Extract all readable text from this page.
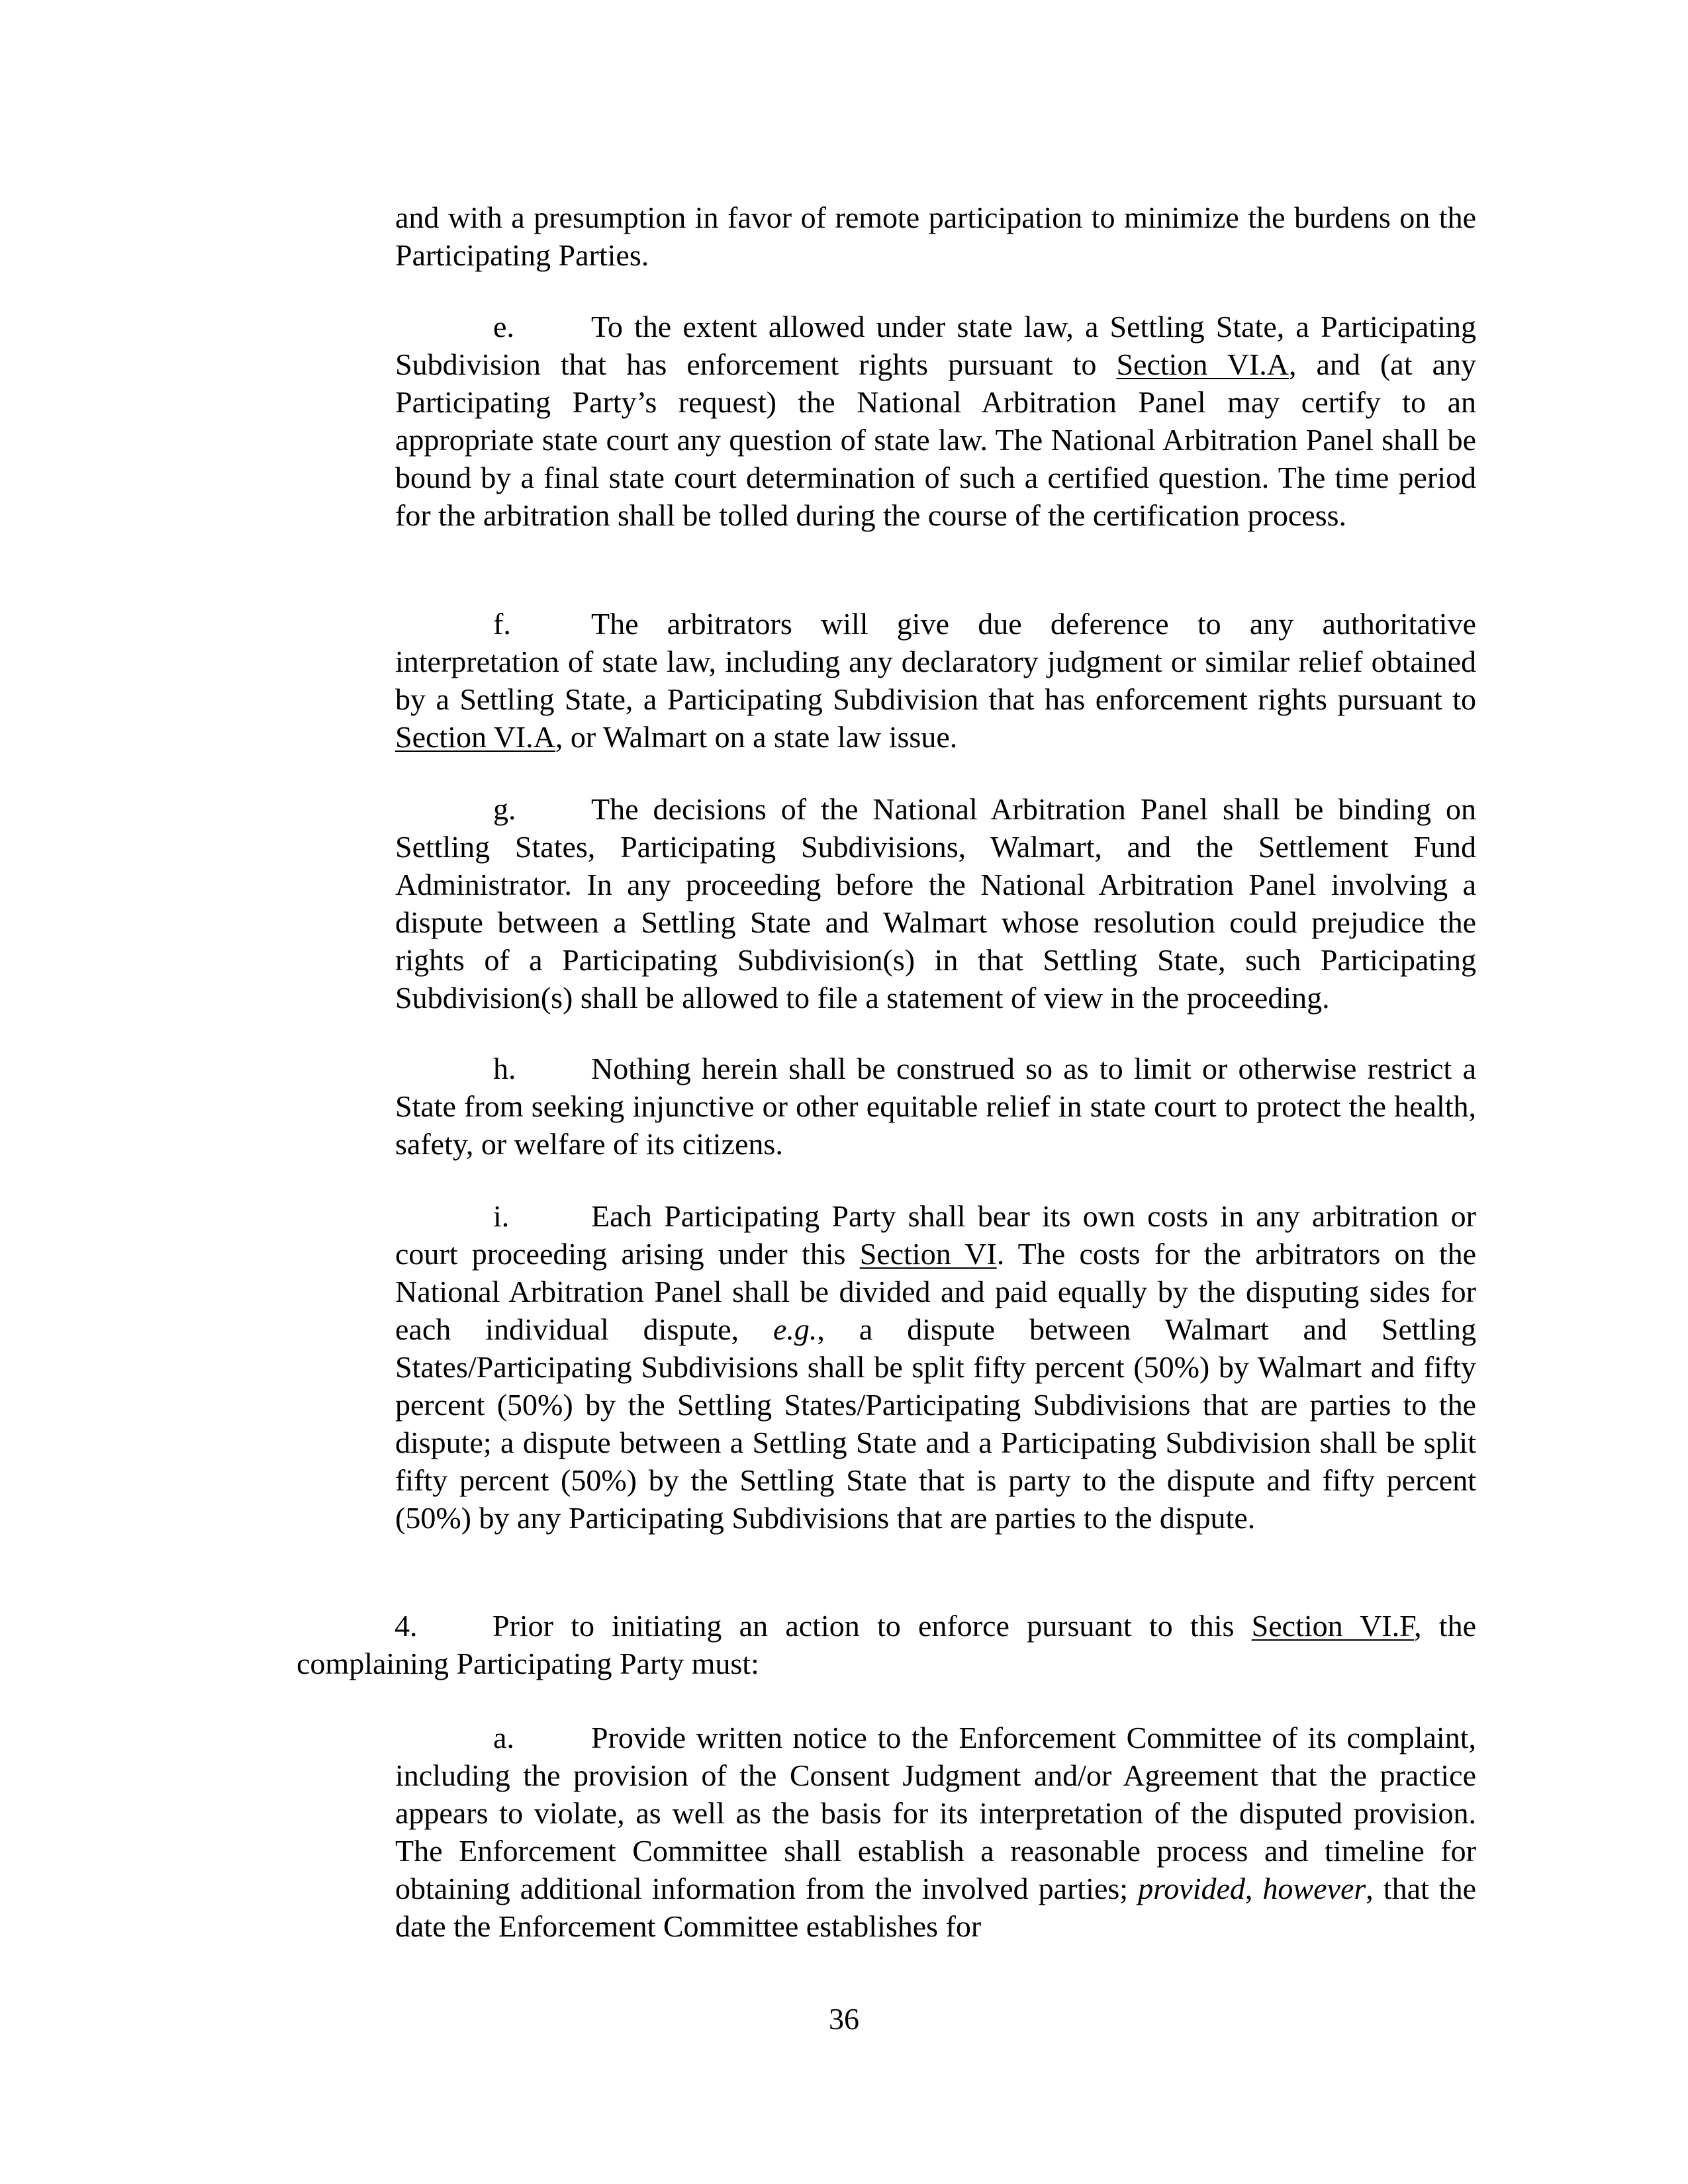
and with a presumption in favor of remote participation to minimize the burdens on the Participating Parties.

e.	To the extent allowed under state law, a Settling State, a Participating Subdivision that has enforcement rights pursuant to Section VI.A, and (at any Participating Party’s request) the National Arbitration Panel may certify to an appropriate state court any question of state law. The National Arbitration Panel shall be bound by a final state court determination of such a certified question. The time period for the arbitration shall be tolled during the course of the certification process.

f.	The arbitrators will give due deference to any authoritative interpretation of state law, including any declaratory judgment or similar relief obtained by a Settling State, a Participating Subdivision that has enforcement rights pursuant to Section VI.A, or Walmart on a state law issue.

g. The decisions of the National Arbitration Panel shall be binding on Settling States, Participating Subdivisions, Walmart, and the Settlement Fund Administrator. In any proceeding before the National Arbitration Panel involving a dispute between a Settling State and Walmart whose resolution could prejudice the rights of a Participating Subdivision(s) in that Settling State, such Participating Subdivision(s) shall be allowed to file a statement of view in the proceeding.

h. Nothing herein shall be construed so as to limit or otherwise restrict a State from seeking injunctive or other equitable relief in state court to protect the health, safety, or welfare of its citizens.

i.	Each Participating Party shall bear its own costs in any arbitration or court proceeding arising under this Section VI. The costs for the arbitrators on the National Arbitration Panel shall be divided and paid equally by the disputing sides for each individual dispute, e.g., a dispute between Walmart and Settling States/Participating Subdivisions shall be split fifty percent (50%) by Walmart and fifty percent (50%) by the Settling States/Participating Subdivisions that are parties to the dispute; a dispute between a Settling State and a Participating Subdivision shall be split fifty percent (50%) by the Settling State that is party to the dispute and fifty percent (50%) by any Participating Subdivisions that are parties to the dispute.

4. Prior to initiating an action to enforce pursuant to this Section VI.F, the complaining Participating Party must:

a.	Provide written notice to the Enforcement Committee of its complaint, including the provision of the Consent Judgment and/or Agreement that the practice appears to violate, as well as the basis for its interpretation of the disputed provision. The Enforcement Committee shall establish a reasonable process and timeline for obtaining additional information from the involved parties; provided, however, that the date the Enforcement Committee establishes for

36
